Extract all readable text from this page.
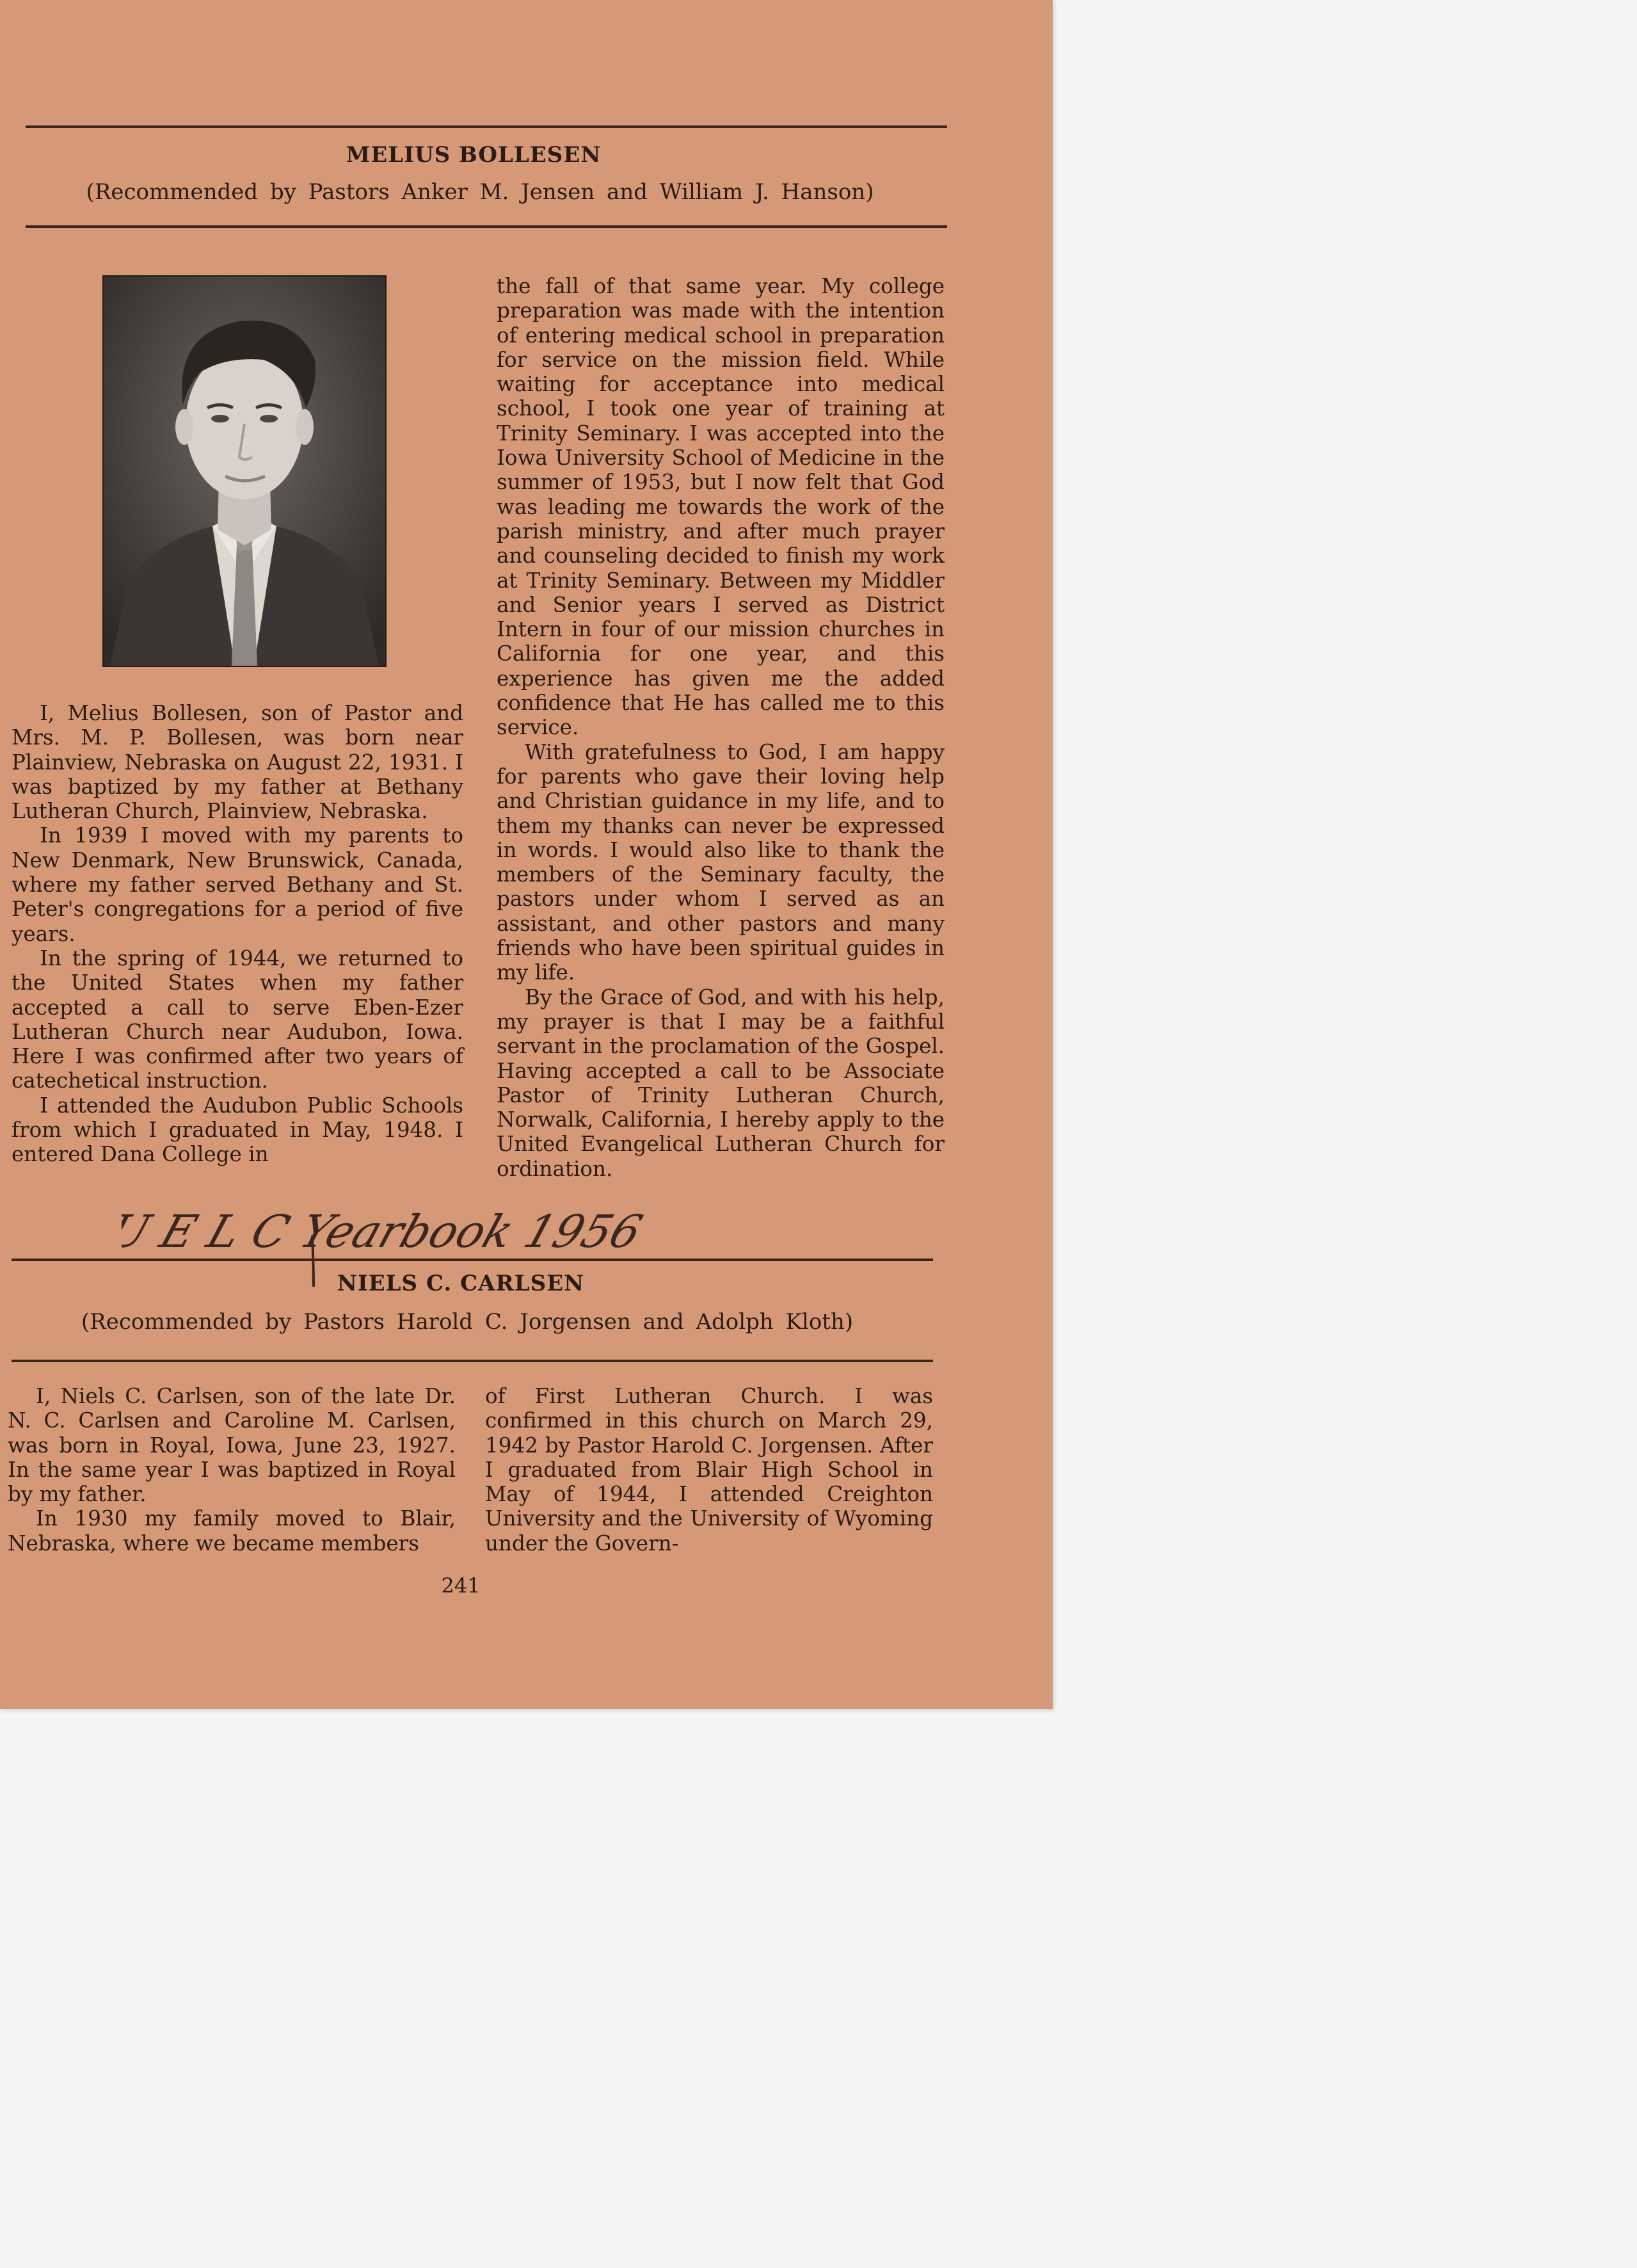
MELIUS BOLLESEN
(Recommended by Pastors Anker M. Jensen and William J. Hanson)

I, Melius Bollesen, son of Pastor and Mrs. M. P. Bollesen, was born near Plainview, Nebraska on August 22, 1931. I was baptized by my father at Bethany Lutheran Church, Plainview, Nebraska.

In 1939 I moved with my parents to New Denmark, New Brunswick, Canada, where my father served Bethany and St. Peter's congregations for a period of five years.

In the spring of 1944, we returned to the United States when my father accepted a call to serve Eben-Ezer Lutheran Church near Audubon, Iowa. Here I was confirmed after two years of catechetical instruction.

I attended the Audubon Public Schools from which I graduated in May, 1948. I entered Dana College in

the fall of that same year. My college preparation was made with the intention of entering medical school in preparation for service on the mission field. While waiting for acceptance into medical school, I took one year of training at Trinity Seminary. I was accepted into the Iowa University School of Medicine in the summer of 1953, but I now felt that God was leading me towards the work of the parish ministry, and after much prayer and counseling decided to finish my work at Trinity Seminary. Between my Middler and Senior years I served as District Intern in four of our mission churches in California for one year, and this experience has given me the added confidence that He has called me to this service.

With gratefulness to God, I am happy for parents who gave their loving help and Christian guidance in my life, and to them my thanks can never be expressed in words. I would also like to thank the members of the Seminary faculty, the pastors under whom I served as an assistant, and other pastors and many friends who have been spiritual guides in my life.

By the Grace of God, and with his help, my prayer is that I may be a faithful servant in the proclamation of the Gospel. Having accepted a call to be Associate Pastor of Trinity Lutheran Church, Norwalk, California, I hereby apply to the United Evangelical Lutheran Church for ordination.

U E L C Yearbook 1956
NIELS C. CARLSEN
(Recommended by Pastors Harold C. Jorgensen and Adolph Kloth)

I, Niels C. Carlsen, son of the late Dr. N. C. Carlsen and Caroline M. Carlsen, was born in Royal, Iowa, June 23, 1927. In the same year I was baptized in Royal by my father.

In 1930 my family moved to Blair, Nebraska, where we became members

of First Lutheran Church. I was confirmed in this church on March 29, 1942 by Pastor Harold C. Jorgensen. After I graduated from Blair High School in May of 1944, I attended Creighton University and the University of Wyoming under the Govern-

241
